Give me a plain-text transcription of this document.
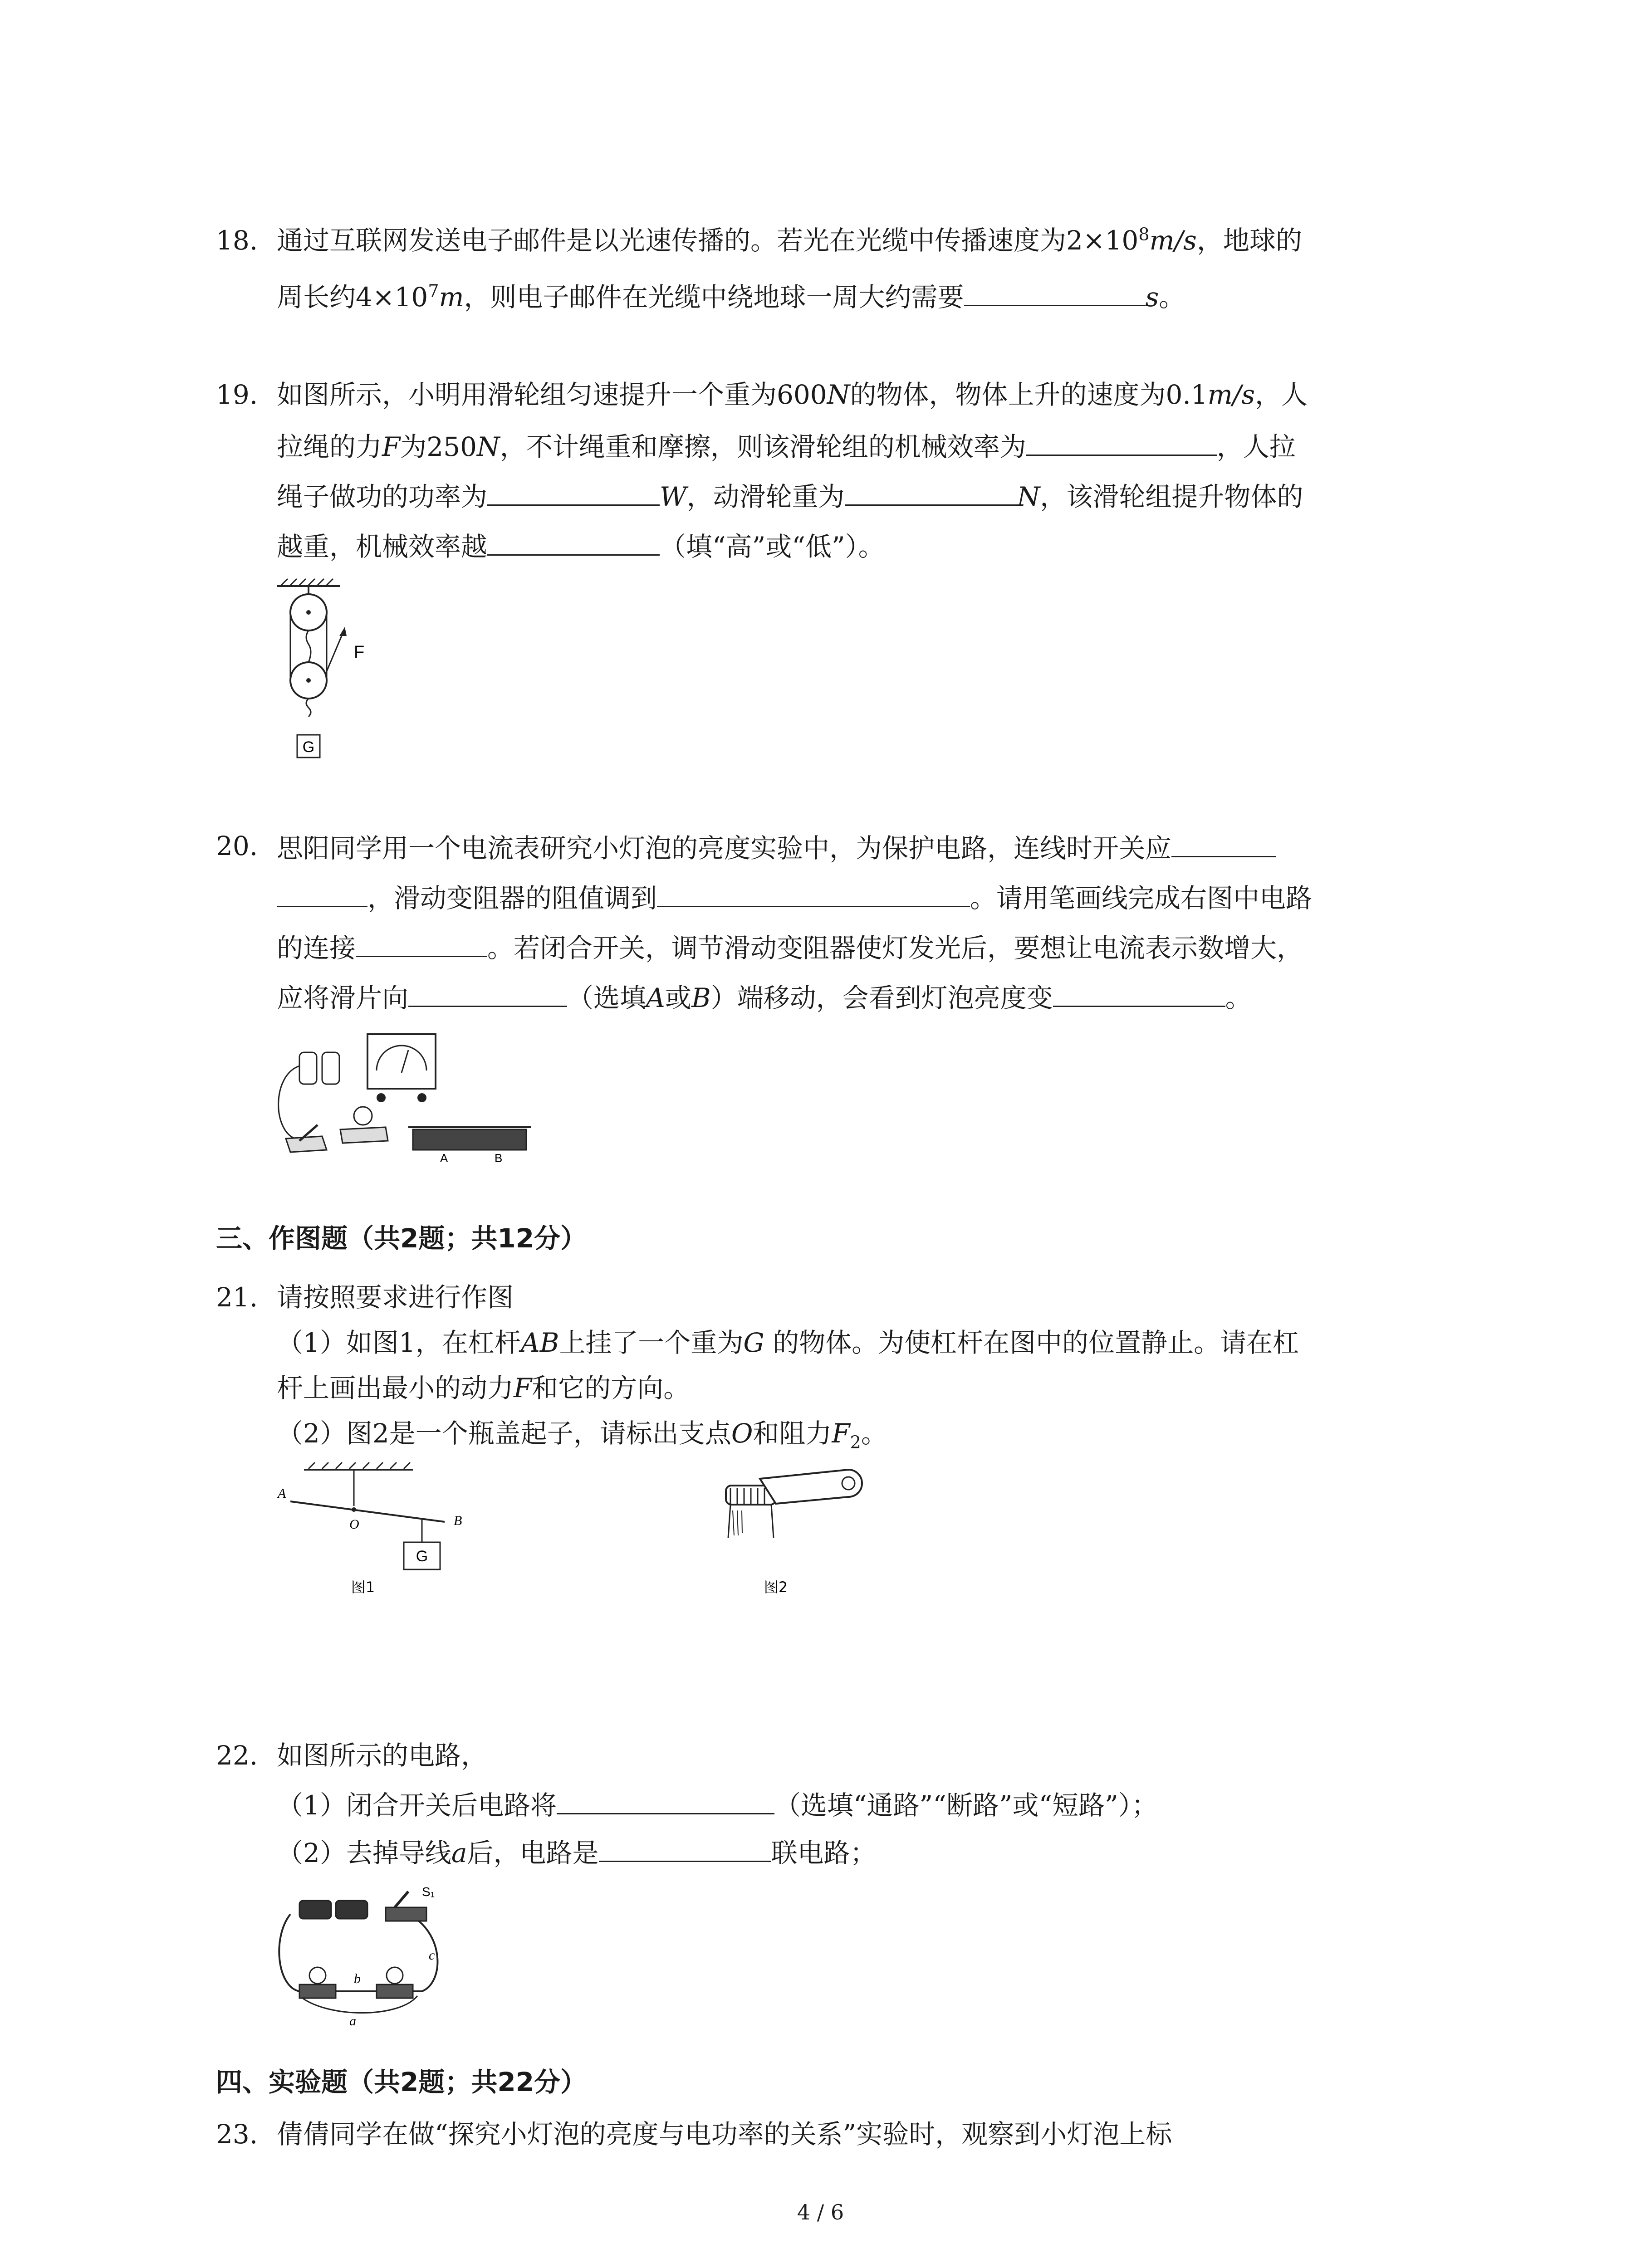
18. 通过互联网发送电子邮件是以光速传播的。若光在光缆中传播速度为$2\times 10^8m/s$，地球的
周长约$4\times 10^7m$，则电子邮件在光缆中绕地球一周大约需要	s。
19. 如图所示，小明用滑轮组匀速提升一个重为600N的物体，物体上升的速度为0.1m/s，人
拉绳的力F为250N，不计绳重和摩擦，则该滑轮组的机械效率为	，人拉
绳子做功的功率为	W，动滑轮重为	N，该滑轮组提升物体的
越重，机械效率越	（填“高”或“低”）。
F
G
20. 思阳同学用一个电流表研究小灯泡的亮度实验中，为保护电路，连线时开关应
，滑动变阻器的阻值调到	。请用笔画线完成右图中电路
的连接	。若闭合开关，调节滑动变阻器使灯发光后，要想让电流表示数增大，
应将滑片向	（选填A或B）端移动，会看到灯泡亮度变	。
A	B
三、作图题（共2题；共12分）
21. 请按照要求进行作图
（1）如图1，在杠杆AB上挂了一个重为G 的物体。为使杠杆在图中的位置静止。请在杠
杆上画出最小的动力F和它的方向。
（2）图2是一个瓶盖起子，请标出支点O和阻力$F_2$。
G
A
O	B
图1	图2
22. 如图所示的电路，
（1）闭合开关后电路将	（选填“通路”“断路”或“短路”）；
（2）去掉导线a后，电路是	联电路；
S₁
b
c
a
四、实验题（共2题；共22分）
23. 倩倩同学在做“探究小灯泡的亮度与电功率的关系”实验时，观察到小灯泡上标
4 / 6
